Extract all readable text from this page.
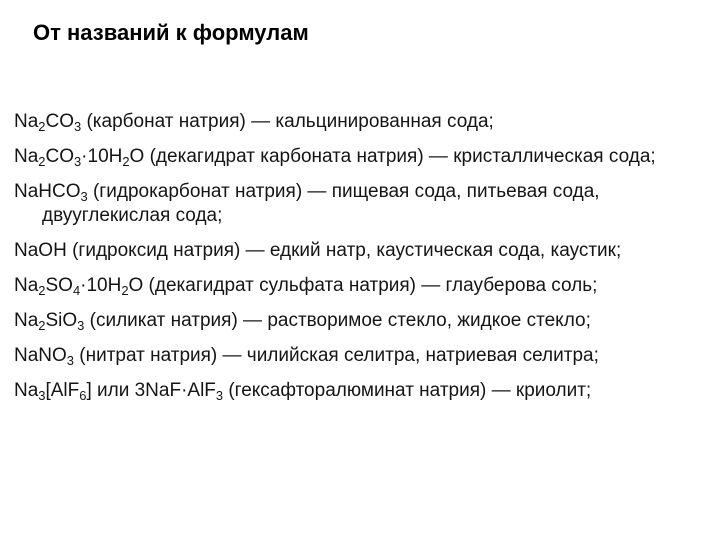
От названий к формулам
$Na_2CO_3$ (карбонат натрия) — кальцинированная сода;
$Na_2CO_3\cdot 10H_2O$ (декагидрат карбоната натрия) — кристаллическая сода;
NaHCO$_3$ (гидрокарбонат натрия) — пищевая сода, питьевая сода, двууглекислая сода;
NaOH (гидроксид натрия) — едкий натр, каустическая сода, каустик;
$Na_2SO_4\cdot 10H_2O$ (декагидрат сульфата натрия) — глауберова соль;
$Na_2SiO_3$ (силикат натрия) — растворимое стекло, жидкое стекло;
NaNO$_3$ (нитрат натрия) — чилийская селитра, натриевая селитра;
$Na_3[AlF_6]$ или 3NaF·AlF$_3$ (гексафторалюминат натрия) — криолит;
